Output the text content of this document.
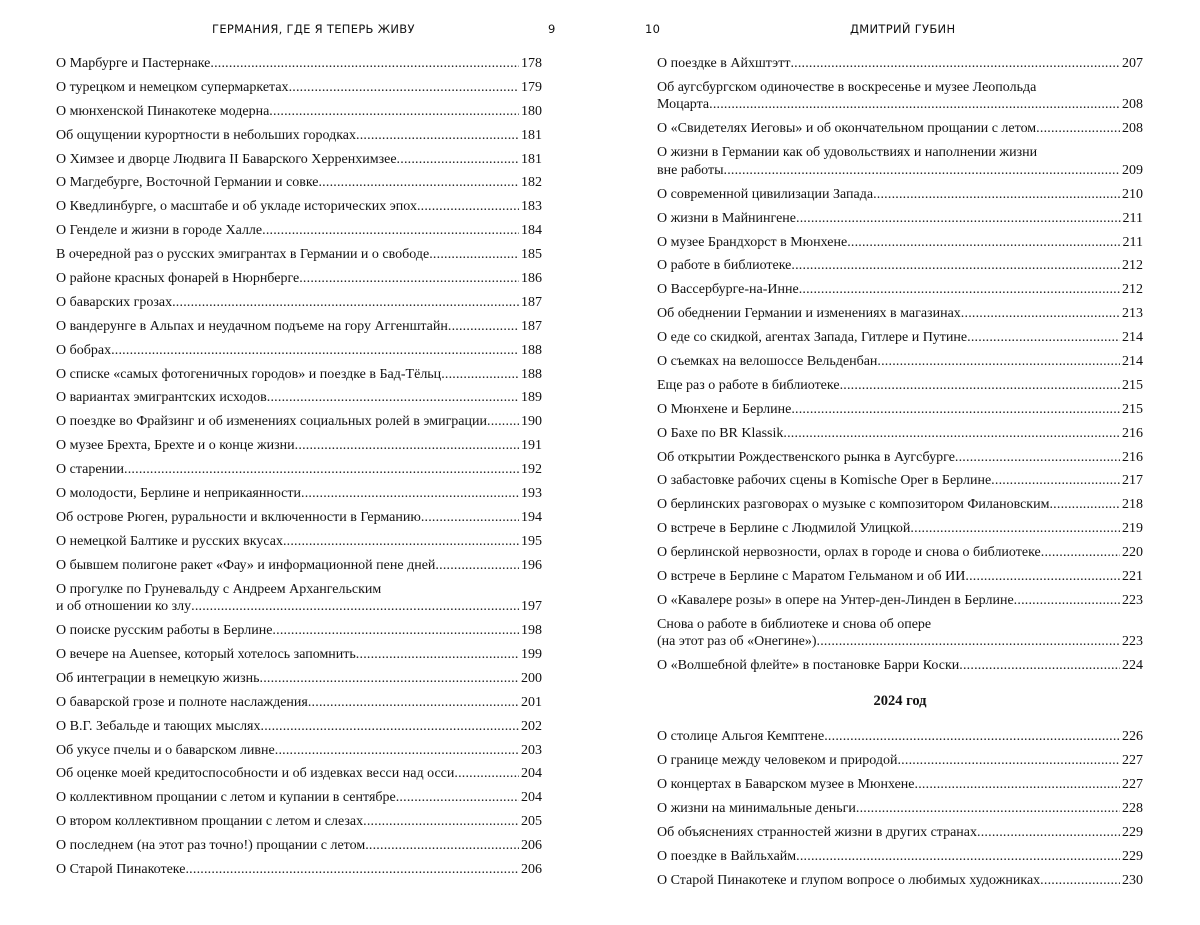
ГЕРМАНИЯ, ГДЕ Я ТЕПЕРЬ ЖИВУ	9
О Марбурге и Пастернаке .....	178
О турецком и немецком супермаркетах .....	179
О мюнхенской Пинакотеке модерна .....	180
Об ощущении курортности в небольших городках .....	181
О Химзее и дворце Людвига II Баварского Херренхимзее .....	181
О Магдебурге, Восточной Германии и совке .....	182
О Кведлинбурге, о масштабе и об укладе исторических эпох .....	183
О Генделе и жизни в городе Халле .....	184
В очередной раз о русских эмигрантах в Германии и о свободе .....	185
О районе красных фонарей в Нюрнберге .....	186
О баварских грозах .....	187
О вандерунге в Альпах и неудачном подъеме на гору Аггенштайн .....	187
О бобрах .....	188
О списке «самых фотогеничных городов» и поездке в Бад-Тёльц .....	188
О вариантах эмигрантских исходов .....	189
О поездке во Фрайзинг и об изменениях социальных ролей в эмиграции ..... 190
О музее Брехта, Брехте и о конце жизни .....	191
О старении .....	192
О молодости, Берлине и неприкаянности .....	193
Об острове Рюген, руральности и включенности в Германию .....	194
О немецкой Балтике и русских вкусах .....	195
О бывшем полигоне ракет «Фау» и информационной пене дней .....	196
О прогулке по Груневальду с Андреем Архангельским
и об отношении ко злу .....	197
О поиске русским работы в Берлине .....	198
О вечере на Auensee, который хотелось запомнить .....	199
Об интеграции в немецкую жизнь .....	200
О баварской грозе и полноте наслаждения .....	201
О В.Г. Зебальде и тающих мыслях .....	202
Об укусе пчелы и о баварском ливне .....	203
Об оценке моей кредитоспособности и об издевках весси над осси .....	204
О коллективном прощании с летом и купании в сентябре .....	204
О втором коллективном прощании с летом и слезах .....	205
О последнем (на этот раз точно!) прощании с летом .....	206
О Старой Пинакотеке .....	206
10	ДМИТРИЙ ГУБИН
О поездке в Айхштэтт .....	207
Об аугсбургском одиночестве в воскресенье и музее Леопольда
Моцарта .....	208
О «Свидетелях Иеговы» и об окончательном прощании с летом .....	208
О жизни в Германии как об удовольствиях и наполнении жизни
вне работы .....	209
О современной цивилизации Запада .....	210
О жизни в Майнингене .....	211
О музее Брандхорст в Мюнхене .....	211
О работе в библиотеке .....	212
О Вассербурге-на-Инне .....	212
Об обеднении Германии и изменениях в магазинах .....	213
О еде со скидкой, агентах Запада, Гитлере и Путине .....	214
О съемках на велошоссе Вельденбан .....	214
Еще раз о работе в библиотеке .....	215
О Мюнхене и Берлине .....	215
О Бахе по BR Klassik .....	216
Об открытии Рождественского рынка в Аугсбурге .....	216
О забастовке рабочих сцены в Komische Oper в Берлине .....	217
О берлинских разговорах о музыке с композитором Филановским .....	218
О встрече в Берлине с Людмилой Улицкой .....	219
О берлинской нервозности, орлах в городе и снова о библиотеке .....	220
О встрече в Берлине с Маратом Гельманом и об ИИ .....	221
О «Кавалере розы» в опере на Унтер-ден-Линден в Берлине .....	223
Снова о работе в библиотеке и снова об опере
(на этот раз об «Онегине») .....	223
О «Волшебной флейте» в постановке Барри Коски .....	224
2024 год
О столице Альгоя Кемптене .....	226
О границе между человеком и природой .....	227
О концертах в Баварском музее в Мюнхене .....	227
О жизни на минимальные деньги .....	228
Об объяснениях странностей жизни в других странах .....	229
О поездке в Вайльхайм .....	229
О Старой Пинакотеке и глупом вопросе о любимых художниках .....	230
